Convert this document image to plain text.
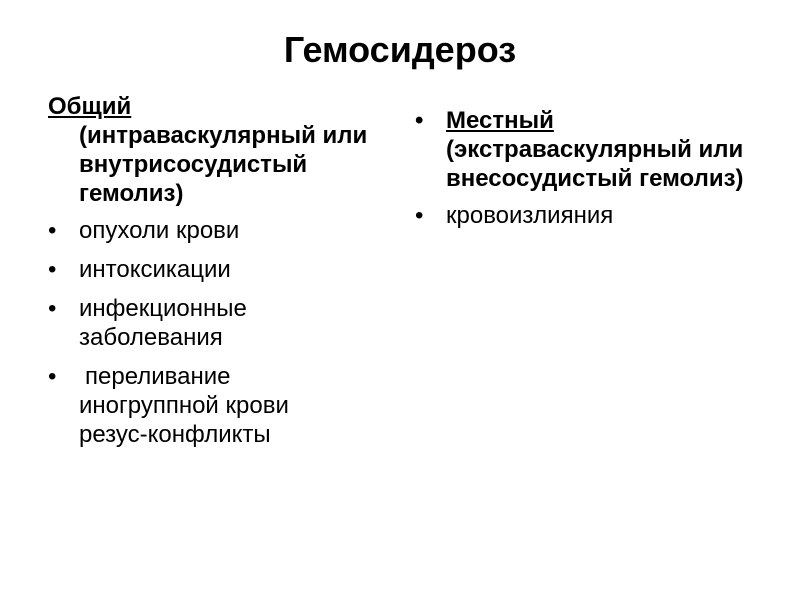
Гемосидероз
Общий
(интраваскулярный или внутрисосудистый гемолиз)
• опухоли крови
• интоксикации
• инфекционные заболевания
•	переливание
иногруппной крови
резус-конфликты
• Местный
(экстраваскулярный или внесосудистый гемолиз)
• кровоизлияния
